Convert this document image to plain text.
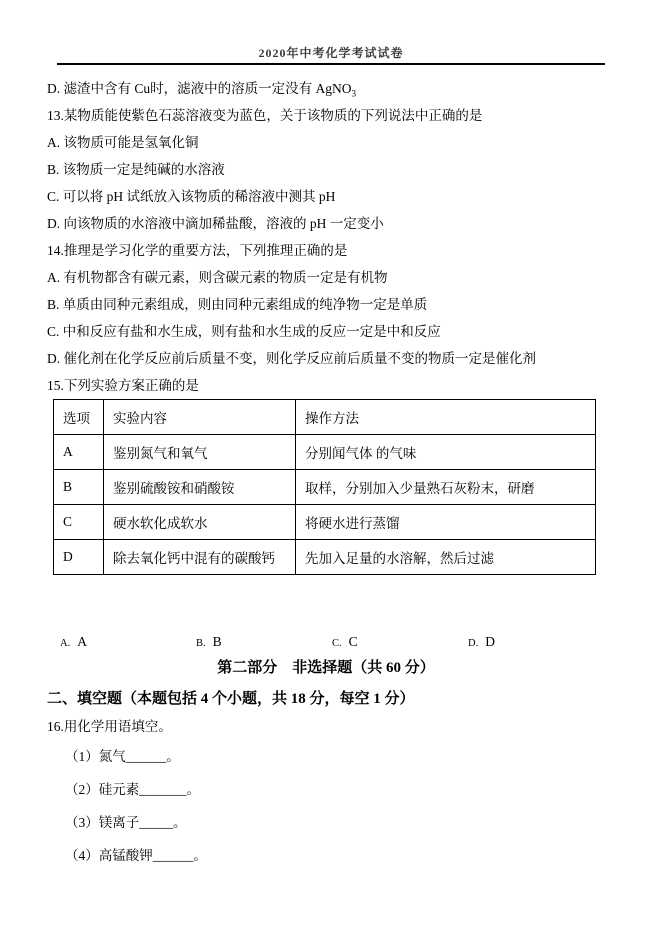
2020年中考化学考试试卷

D. 滤渣中含有 Cu时，滤液中的溶质一定没有 AgNO$_3$

13.某物质能使紫色石蕊溶液变为蓝色，关于该物质的下列说法中正确的是

A. 该物质可能是氢氧化铜

B. 该物质一定是纯碱的水溶液

C. 可以将 pH 试纸放入该物质的稀溶液中测其 pH

D. 向该物质的水溶液中滴加稀盐酸，溶液的 pH 一定变小

14.推理是学习化学的重要方法，下列推理正确的是

A. 有机物都含有碳元素，则含碳元素的物质一定是有机物

B. 单质由同种元素组成，则由同种元素组成的纯净物一定是单质

C. 中和反应有盐和水生成，则有盐和水生成的反应一定是中和反应

D. 催化剂在化学反应前后质量不变，则化学反应前后质量不变的物质一定是催化剂

15.下列实验方案正确的是

选项	实验内容	操作方法
A	鉴别氮气和氧气	分别闻气体 的气味
B	鉴别硫酸铵和硝酸铵	取样，分别加入少量熟石灰粉末，研磨
C	硬水软化成软水	将硬水进行蒸馏
D	除去氧化钙中混有的碳酸钙	先加入足量的水溶解，然后过滤
A. A	B. B	C. C	D. D

第二部分　非选择题（共 60 分）

二、填空题（本题包括 4 个小题，共 18 分，每空 1 分）

16.用化学用语填空。

（1）氮气______。

（2）硅元素_______。

（3）镁离子_____。

（4）高锰酸钾______。
